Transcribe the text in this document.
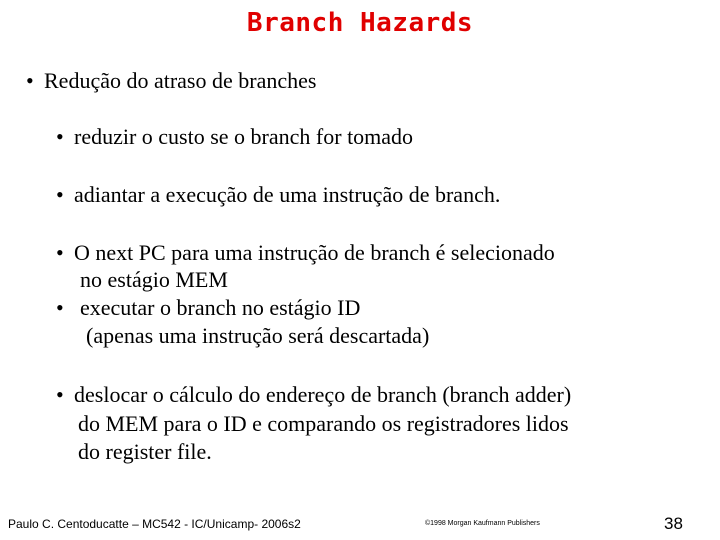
Branch Hazards
• Redução do atraso de branches
• reduzir o custo se o branch for tomado
• adiantar a execução de uma instrução de branch.
• O next PC para uma instrução de branch é selecionado
no estágio MEM
• executar o branch no estágio ID
(apenas uma instrução será descartada)
• deslocar o cálculo do endereço de branch (branch adder)
do MEM para o ID e comparando os registradores lidos
do register file.
Paulo C. Centoducatte – MC542 - IC/Unicamp- 2006s2	©1998 Morgan Kaufmann Publishers	38
